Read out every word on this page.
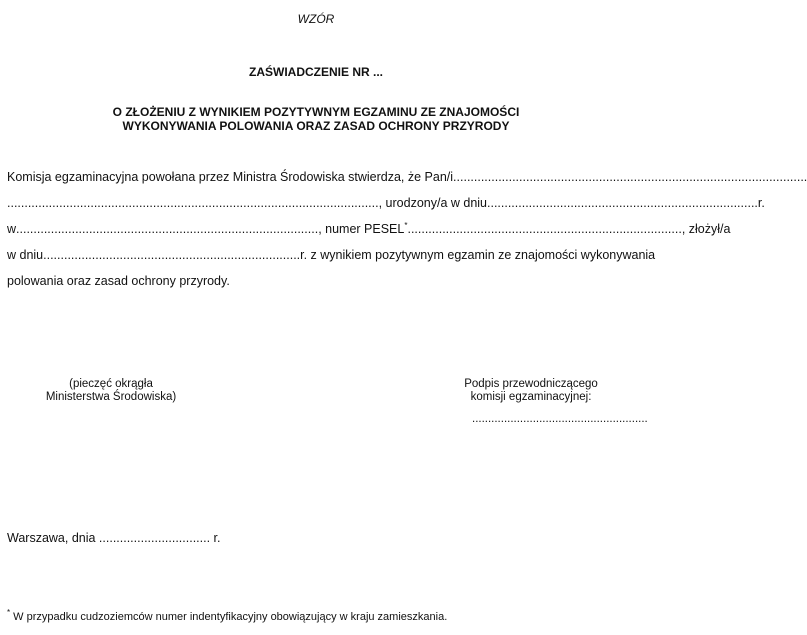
WZÓR
ZAŚWIADCZENIE NR ...
O ZŁOŻENIU Z WYNIKIEM POZYTYWNYM EGZAMINU ZE ZNAJOMOŚCI
WYKONYWANIA POLOWANIA ORAZ ZASAD OCHRONY PRZYRODY
Komisja egzaminacyjna powołana przez Ministra Środowiska stwierdza, że Pan/i ......................................................................................................
..........................................................................................................., urodzony/a w dniu .............................................................................. r.
w ....................................................................................... , numer PESEL* ............................................................................... , złożył/a
w dniu .......................................................................... r. z wynikiem pozytywnym egzamin ze znajomości wykonywania
polowania oraz zasad ochrony przyrody.
(pieczęć okrągła
Ministerstwa Środowiska)
Podpis przewodniczącego
komisji egzaminacyjnej:
.......................................................
Warszawa, dnia ................................ r.
* W przypadku cudzoziemców numer indentyfikacyjny obowiązujący w kraju zamieszkania.
